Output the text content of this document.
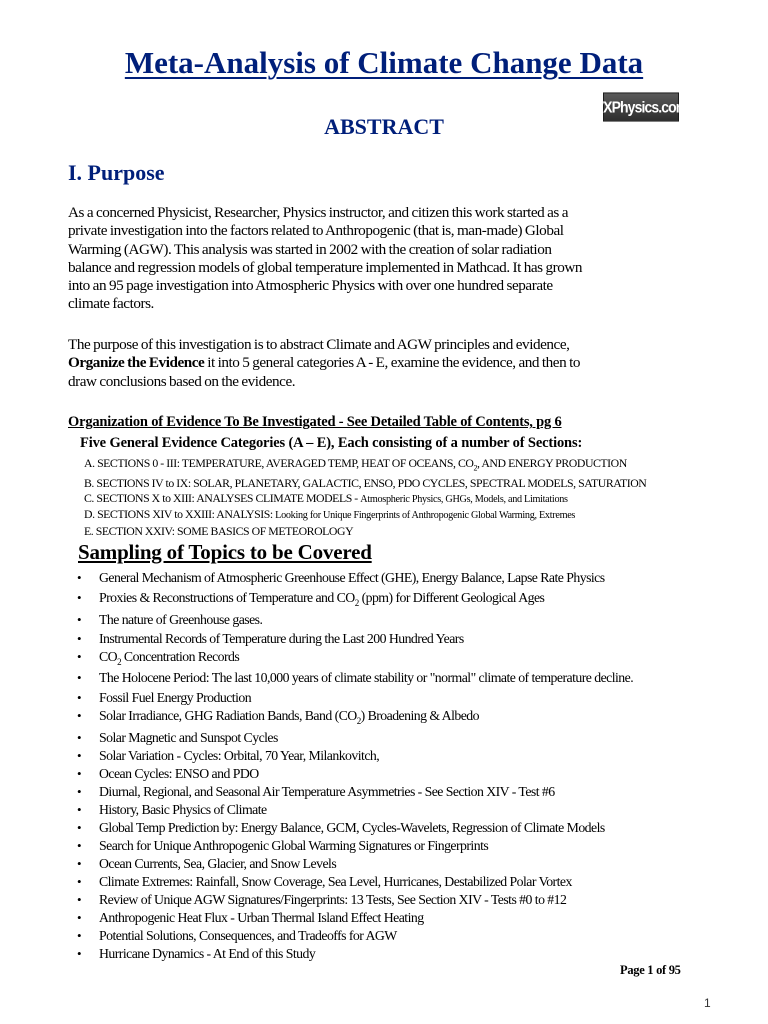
Meta-Analysis of Climate Change Data
VXPhysics.com
ABSTRACT
I. Purpose

As a concerned Physicist, Researcher, Physics instructor, and citizen this work started as a
private investigation into the factors related to Anthropogenic (that is, man-made) Global
Warming (AGW). This analysis was started in 2002 with the creation of solar radiation
balance and regression models of global temperature implemented in Mathcad. It has grown
into an 95 page investigation into Atmospheric Physics with over one hundred separate
climate factors.

The purpose of this investigation is to abstract Climate and AGW principles and evidence,
Organize the Evidence it into 5 general categories A - E, examine the evidence, and then to
draw conclusions based on the evidence.

Organization of Evidence To Be Investigated - See Detailed Table of Contents, pg 6
Five General Evidence Categories (A – E), Each consisting of a number of Sections:
A. SECTIONS 0 - III: TEMPERATURE, AVERAGED TEMP, HEAT OF OCEANS, $CO_2$, AND ENERGY PRODUCTION
B. SECTIONS IV to IX: SOLAR, PLANETARY, GALACTIC, ENSO, PDO CYCLES, SPECTRAL MODELS, SATURATION
C. SECTIONS X to XIII: ANALYSES CLIMATE MODELS - Atmospheric Physics, GHGs, Models, and Limitations
D. SECTIONS XIV to XXIII: ANALYSIS: Looking for Unique Fingerprints of Anthropogenic Global Warming, Extremes
E. SECTION XXIV: SOME BASICS OF METEOROLOGY
Sampling of Topics to be Covered
•	General Mechanism of Atmospheric Greenhouse Effect (GHE), Energy Balance, Lapse Rate Physics
•	Proxies & Reconstructions of Temperature and $CO_2$ (ppm) for Different Geological Ages
•	The nature of Greenhouse gases.
•	Instrumental Records of Temperature during the Last 200 Hundred Years
•	$CO_2$ Concentration Records
•	The Holocene Period: The last 10,000 years of climate stability or "normal" climate of temperature decline.
•	Fossil Fuel Energy Production
•	Solar Irradiance, GHG Radiation Bands, Band $(CO_2)$ Broadening & Albedo
•	Solar Magnetic and Sunspot Cycles
•	Solar Variation - Cycles: Orbital, 70 Year, Milankovitch,
•	Ocean Cycles: ENSO and PDO
•	Diurnal, Regional, and Seasonal Air Temperature Asymmetries - See Section XIV - Test #6
•	History, Basic Physics of Climate
•	Global Temp Prediction by: Energy Balance, GCM, Cycles-Wavelets, Regression of Climate Models
•	Search for Unique Anthropogenic Global Warming Signatures or Fingerprints
•	Ocean Currents, Sea, Glacier, and Snow Levels
•	Climate Extremes: Rainfall, Snow Coverage, Sea Level, Hurricanes, Destabilized Polar Vortex
•	Review of Unique AGW Signatures/Fingerprints: 13 Tests, See Section XIV - Tests #0 to #12
•	Anthropogenic Heat Flux - Urban Thermal Island Effect Heating
•	Potential Solutions, Consequences, and Tradeoffs for AGW
•	Hurricane Dynamics - At End of this Study
Page 1 of 95
1
